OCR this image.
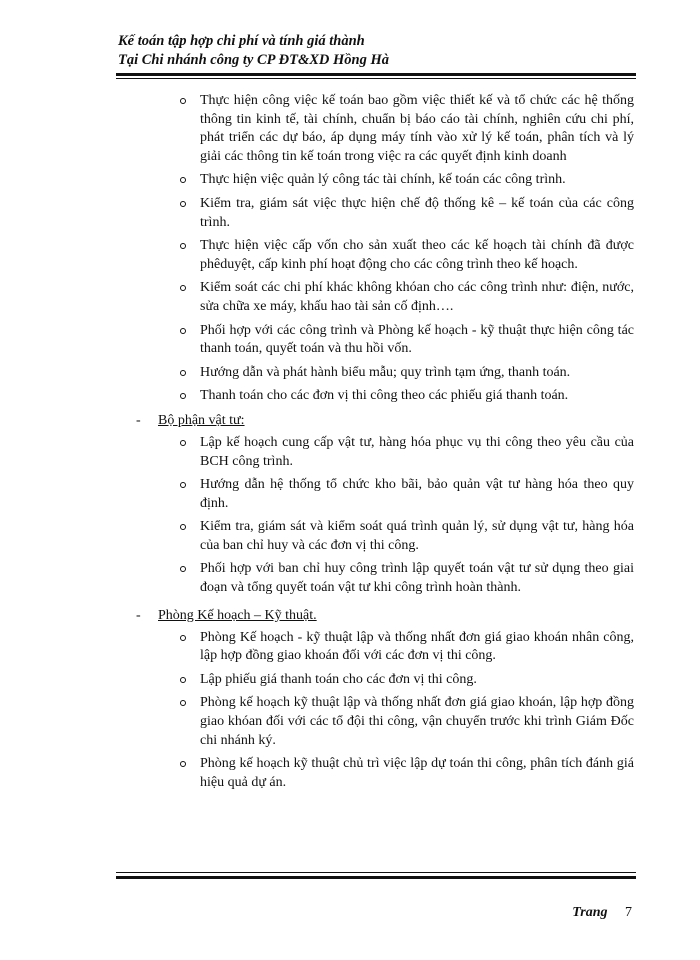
Kế toán tập hợp chi phí và tính giá thành
Tại Chi nhánh công ty CP ĐT&XD Hồng Hà
Thực hiện công việc kế toán bao gồm việc thiết kế và tổ chức các hệ thống thông tin kinh tế, tài chính, chuẩn bị báo cáo tài chính, nghiên cứu chi phí, phát triển các dự báo, áp dụng máy tính vào xử lý kế toán, phân tích và lý giải các thông tin kế toán trong việc ra các quyết định kinh doanh
Thực hiện việc quản lý công tác tài chính, kế toán các công trình.
Kiểm tra, giám sát việc thực hiện chế độ thống kê – kế toán của các công trình.
Thực hiện việc cấp vốn cho sản xuất theo các kế hoạch tài chính đã được phêduyệt, cấp kinh phí hoạt động cho các công trình theo kế hoạch.
Kiểm soát các chi phí khác không khóan cho các công trình như: điện, nước, sửa chữa xe máy, khấu hao tài sản cố định….
Phối hợp với các công trình và Phòng kế hoạch - kỹ thuật thực hiện công tác thanh toán, quyết toán và thu hồi vốn.
Hướng dẫn và phát hành biểu mẫu; quy trình tạm ứng, thanh toán.
Thanh toán cho các đơn vị thi công theo các phiếu giá thanh toán.
- Bộ phận vật tư:
Lập kế hoạch cung cấp vật tư, hàng hóa phục vụ thi công theo yêu cầu của BCH công trình.
Hướng dẫn hệ thống tổ chức kho bãi, bảo quản vật tư hàng hóa theo quy định.
Kiểm tra, giám sát và kiểm soát quá trình quản lý, sử dụng vật tư, hàng hóa của ban chỉ huy và các đơn vị thi công.
Phối hợp với ban chỉ huy công trình lập quyết toán vật tư sử dụng theo giai đoạn và tổng quyết toán vật tư khi công trình hoàn thành.
- Phòng Kế hoạch – Kỹ thuật.
Phòng Kế hoạch - kỹ thuật lập và thống nhất đơn giá giao khoán nhân công, lập hợp đồng giao khoán đối với các đơn vị thi công.
Lập phiếu giá thanh toán cho các đơn vị thi công.
Phòng kế hoạch kỹ thuật lập và thống nhất đơn giá giao khoán, lập hợp đồng giao khóan đối với các tổ đội thi công, vận chuyển trước khi trình Giám Đốc chi nhánh ký.
Phòng kế hoạch kỹ thuật chủ trì việc lập dự toán thi công, phân tích đánh giá hiệu quả dự án.
Trang 7
